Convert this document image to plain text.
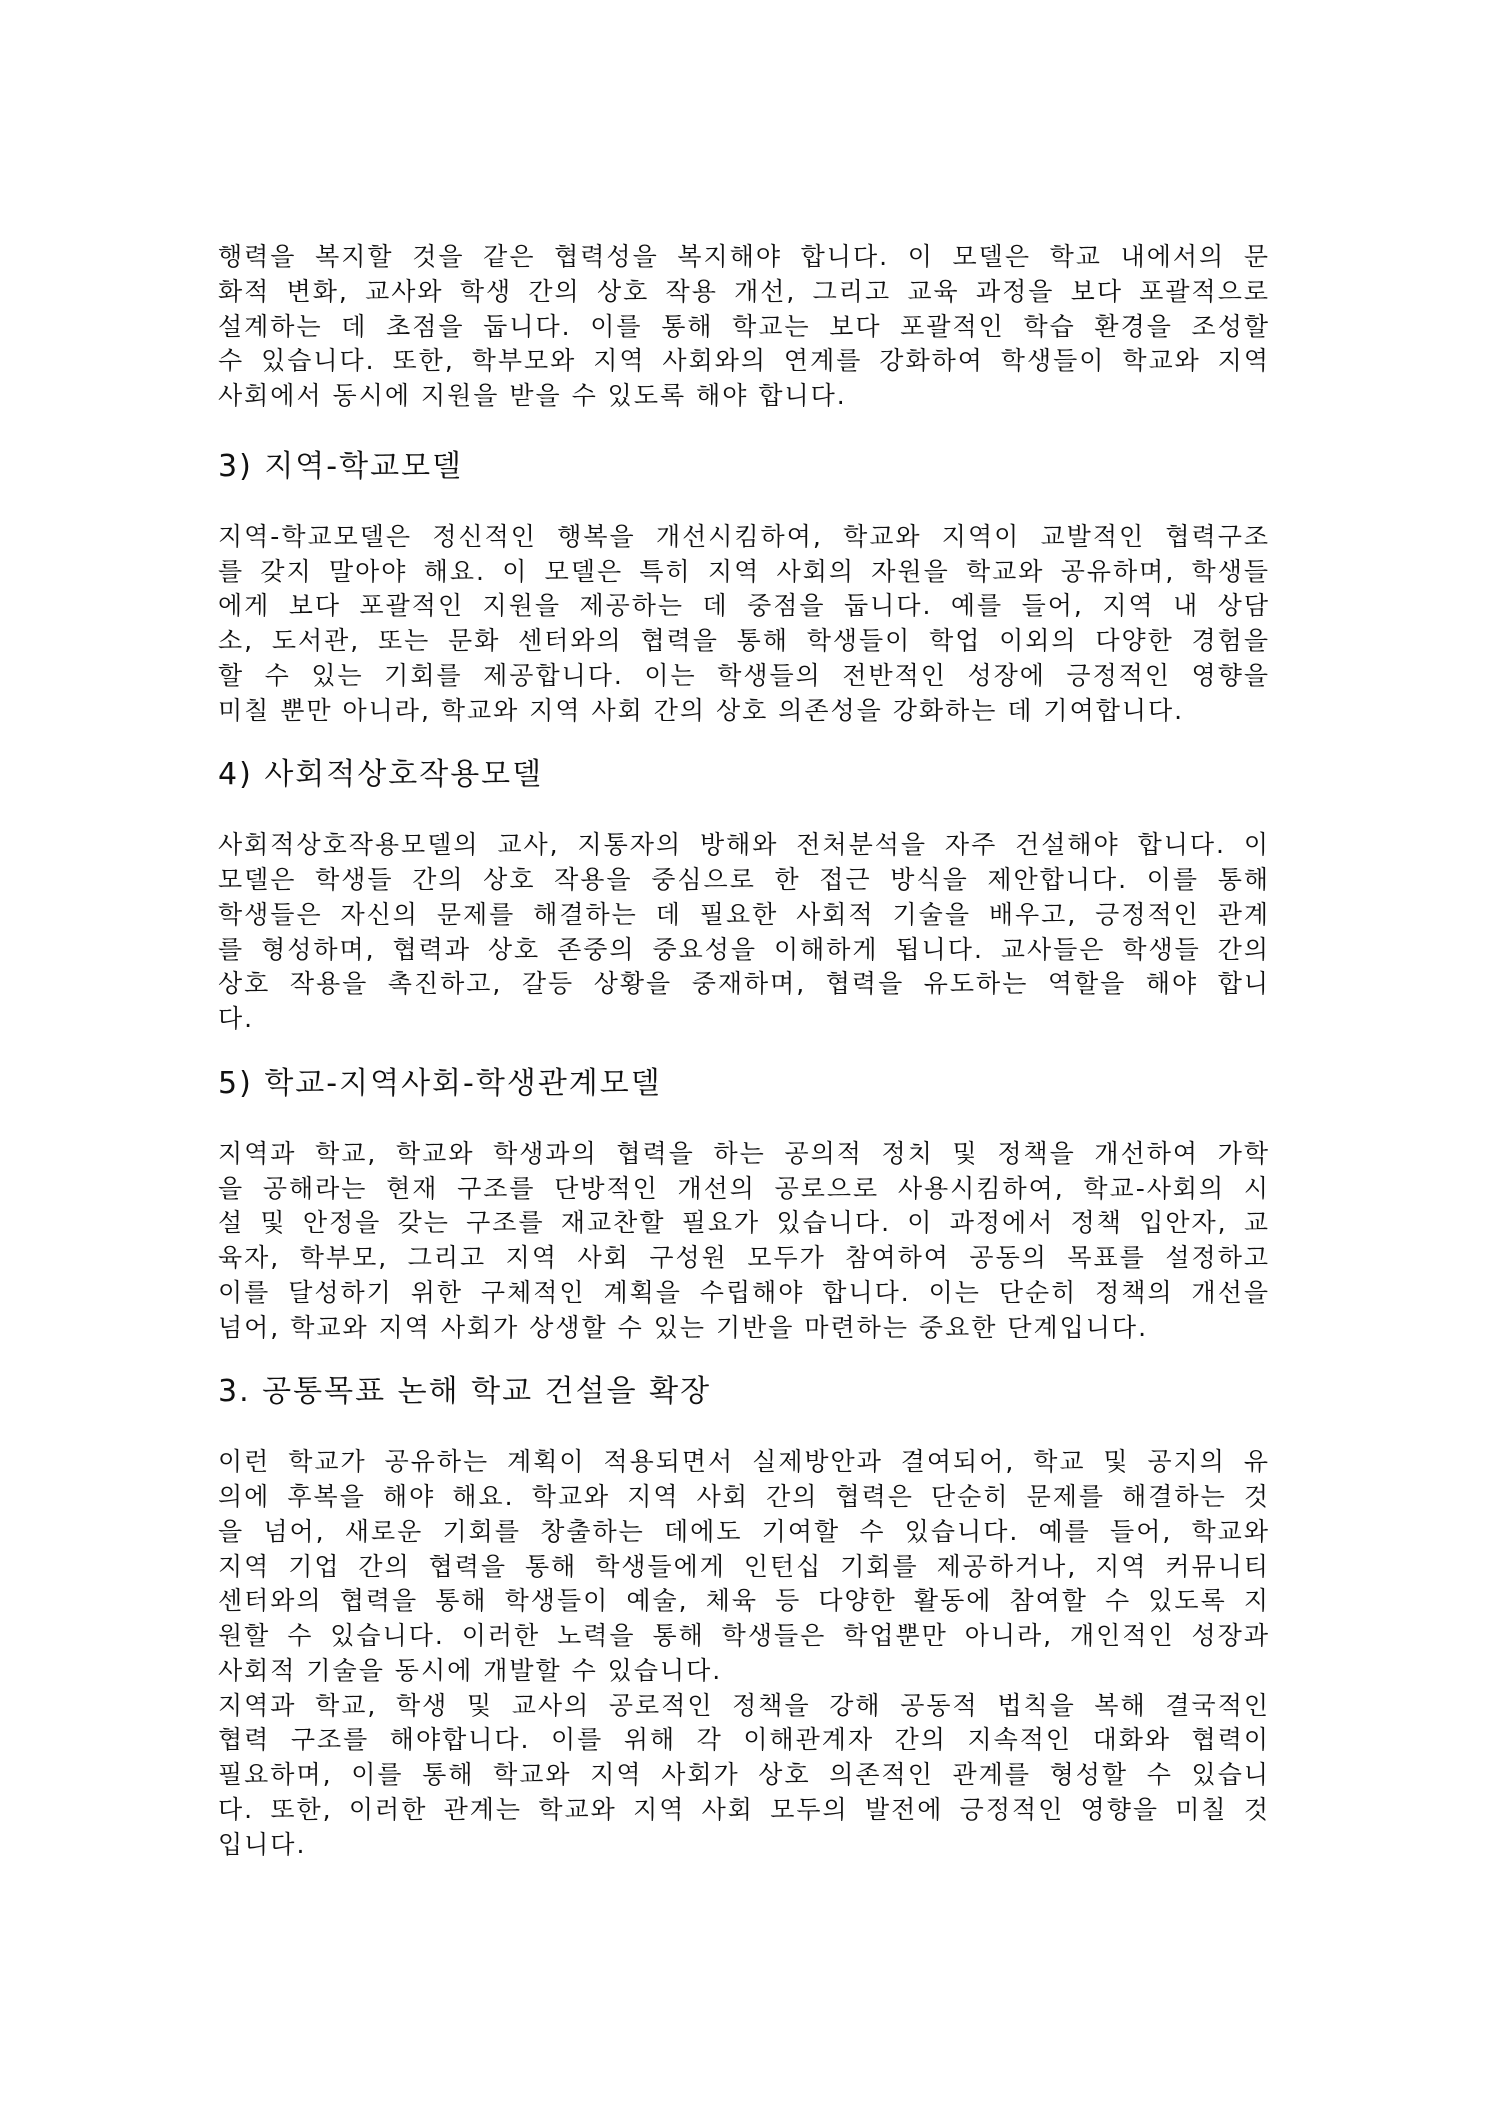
행력을 복지할 것을 같은 협력성을 복지해야 합니다. 이 모델은 학교 내에서의 문
화적 변화, 교사와 학생 간의 상호 작용 개선, 그리고 교육 과정을 보다 포괄적으로
설계하는 데 초점을 둡니다. 이를 통해 학교는 보다 포괄적인 학습 환경을 조성할
수 있습니다. 또한, 학부모와 지역 사회와의 연계를 강화하여 학생들이 학교와 지역
사회에서 동시에 지원을 받을 수 있도록 해야 합니다.
3) 지역-학교모델
지역-학교모델은 정신적인 행복을 개선시킴하여, 학교와 지역이 교발적인 협력구조
를 갖지 말아야 해요. 이 모델은 특히 지역 사회의 자원을 학교와 공유하며, 학생들
에게 보다 포괄적인 지원을 제공하는 데 중점을 둡니다. 예를 들어, 지역 내 상담
소, 도서관, 또는 문화 센터와의 협력을 통해 학생들이 학업 이외의 다양한 경험을
할 수 있는 기회를 제공합니다. 이는 학생들의 전반적인 성장에 긍정적인 영향을
미칠 뿐만 아니라, 학교와 지역 사회 간의 상호 의존성을 강화하는 데 기여합니다.
4) 사회적상호작용모델
사회적상호작용모델의 교사, 지통자의 방해와 전처분석을 자주 건설해야 합니다. 이
모델은 학생들 간의 상호 작용을 중심으로 한 접근 방식을 제안합니다. 이를 통해
학생들은 자신의 문제를 해결하는 데 필요한 사회적 기술을 배우고, 긍정적인 관계
를 형성하며, 협력과 상호 존중의 중요성을 이해하게 됩니다. 교사들은 학생들 간의
상호 작용을 촉진하고, 갈등 상황을 중재하며, 협력을 유도하는 역할을 해야 합니
다.
5) 학교-지역사회-학생관계모델
지역과 학교, 학교와 학생과의 협력을 하는 공의적 정치 및 정책을 개선하여 가학
을 공해라는 현재 구조를 단방적인 개선의 공로으로 사용시킴하여, 학교-사회의 시
설 및 안정을 갖는 구조를 재교찬할 필요가 있습니다. 이 과정에서 정책 입안자, 교
육자, 학부모, 그리고 지역 사회 구성원 모두가 참여하여 공동의 목표를 설정하고
이를 달성하기 위한 구체적인 계획을 수립해야 합니다. 이는 단순히 정책의 개선을
넘어, 학교와 지역 사회가 상생할 수 있는 기반을 마련하는 중요한 단계입니다.
3. 공통목표 논해 학교 건설을 확장
이런 학교가 공유하는 계획이 적용되면서 실제방안과 결여되어, 학교 및 공지의 유
의에 후복을 해야 해요. 학교와 지역 사회 간의 협력은 단순히 문제를 해결하는 것
을 넘어, 새로운 기회를 창출하는 데에도 기여할 수 있습니다. 예를 들어, 학교와
지역 기업 간의 협력을 통해 학생들에게 인턴십 기회를 제공하거나, 지역 커뮤니티
센터와의 협력을 통해 학생들이 예술, 체육 등 다양한 활동에 참여할 수 있도록 지
원할 수 있습니다. 이러한 노력을 통해 학생들은 학업뿐만 아니라, 개인적인 성장과
사회적 기술을 동시에 개발할 수 있습니다.
지역과 학교, 학생 및 교사의 공로적인 정책을 강해 공동적 법칙을 복해 결국적인
협력 구조를 해야합니다. 이를 위해 각 이해관계자 간의 지속적인 대화와 협력이
필요하며, 이를 통해 학교와 지역 사회가 상호 의존적인 관계를 형성할 수 있습니
다. 또한, 이러한 관계는 학교와 지역 사회 모두의 발전에 긍정적인 영향을 미칠 것
입니다.
